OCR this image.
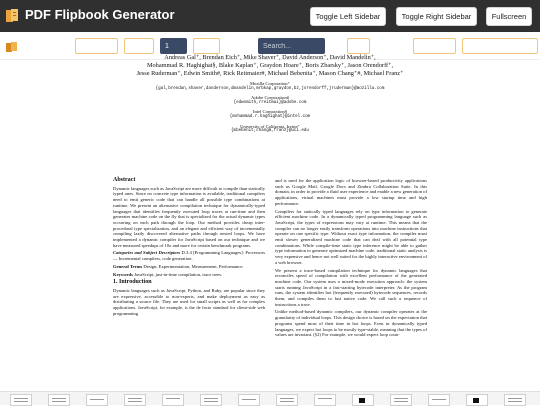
PDF Flipbook Generator	Toggle Left Sidebar	Toggle Right Sidebar	Fullscreen
1
Search...
Andreas Gal⁺, Brendan Eich⁺, Mike Shaver⁺, David Anderson⁺, David Mandelin⁺,
Mohammad R. Haghighat§, Blake Kaplan⁺, Graydon Hoare⁺, Boris Zbarsky⁺, Jason Orendorff⁺,
Jesse Ruderman⁺, Edwin Smith#, Rick Reitmaier#, Michael Bebenita⁺, Mason Chang⁺#, Michael Franz⁺
Mozilla Corporation⁺
{gal,brendan,shaver,danderson,dmandelin,mrbkap,graydon,bz,jorendorff,jruderman}@mozilla.com
Adobe Corporation#
{edwsmith,rreitmai}@adobe.com
Intel Corporation§
{mohammad.r.haghighat}@intel.com
University of California, Irvine⁺
{mbebenit,changm,franz}@uci.edu
Abstract

Dynamic languages such as JavaScript are more difficult to compile than statically typed ones. Since no concrete type information is available, traditional compilers need to emit generic code that can handle all possible type combinations at runtime. We present an alternative compilation technique for dynamically-typed languages that identifies frequently executed loop traces at run-time and then generates machine code on the fly that is specialized for the actual dynamic types occurring on each path through the loop. Our method provides cheap inter-procedural type specialization, and an elegant and efficient way of incrementally compiling lazily discovered alternative paths through nested loops. We have implemented a dynamic compiler for JavaScript based on our technique and we have measured speedups of 10x and more for certain benchmark programs.

Categories and Subject Descriptors D.3.4 [Programming Languages]: Processors — Incremental compilers, code generation.

General Terms Design, Experimentation, Measurement, Performance.

Keywords JavaScript, just-in-time compilation, trace trees.

1. Introduction

Dynamic languages such as JavaScript, Python, and Ruby, are popular since they are expressive, accessible to non-experts, and make deployment as easy as distributing a source file. They are used for small scripts as well as for complex applications. JavaScript, for example, is the de facto standard for client-side web programming

and is used for the application logic of browser-based productivity applications such as Google Mail, Google Docs and Zimbra Collaboration Suite. In this domain, in order to provide a fluid user experience and enable a new generation of applications, virtual machines must provide a low startup time and high performance.

Compilers for statically typed languages rely on type information to generate efficient machine code. In a dynamically typed programming language such as JavaScript, the types of expressions may vary at runtime. This means that the compiler can no longer easily transform operations into machine instructions that operate on one specific type. Without exact type information, the compiler must emit slower generalized machine code that can deal with all potential type combinations. While compile-time static type inference might be able to gather type information to generate optimized machine code, traditional static analysis is very expensive and hence not well suited for the highly interactive environment of a web browser.

We present a trace-based compilation technique for dynamic languages that reconciles speed of compilation with excellent performance of the generated machine code. Our system uses a mixed-mode execution approach: the system starts running JavaScript in a fast-starting bytecode interpreter. As the program runs, the system identifies hot (frequently executed) bytecode sequences, records them, and compiles them to fast native code. We call such a sequence of instructions a trace.

Unlike method-based dynamic compilers, our dynamic compiler operates at the granularity of individual loops. This design choice is based on the expectation that programs spend most of their time in hot loops. Even in dynamically typed languages, we expect hot loops to be mostly type-stable, meaning that the types of values are invariant. (§2) For example, we would expect loop coun-
